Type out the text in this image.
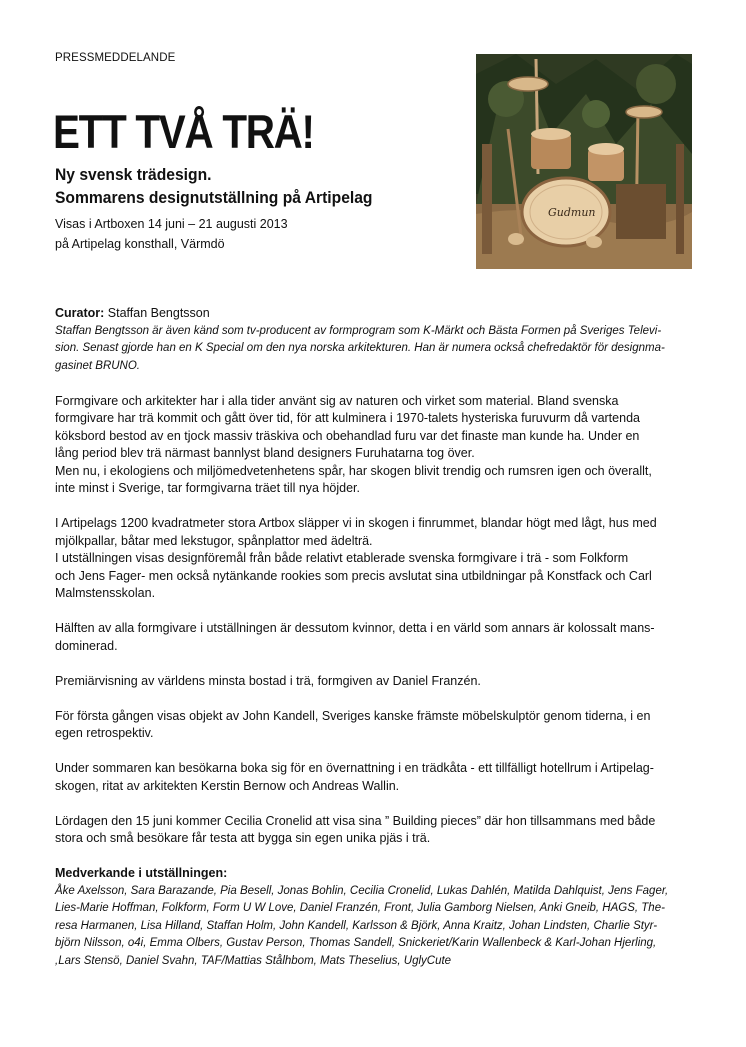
PRESSMEDDELANDE
ETT TVÅ TRÄ!
Ny svensk trädesign.
Sommarens designutställning på Artipelag
Visas i Artboxen 14 juni – 21 augusti 2013
på Artipelag konsthall, Värmdö
Gudmun
Curator: Staffan Bengtsson
Staffan Bengtsson är även känd som tv-producent av formprogram som K-Märkt och Bästa Formen på Sveriges Televi-
sion. Senast gjorde han en K Special om den nya norska arkitekturen. Han är numera också chefredaktör för designma-
gasinet BRUNO.

Formgivare och arkitekter har i alla tider använt sig av naturen och virket som material. Bland svenska
formgivare har trä kommit och gått över tid, för att kulminera i 1970-talets hysteriska furuvurm då vartenda
köksbord bestod av en tjock massiv träskiva och obehandlad furu var det finaste man kunde ha. Under en
lång period blev trä närmast bannlyst bland designers Furuhatarna tog över.
Men nu, i ekologiens och miljömedvetenhetens spår, har skogen blivit trendig och rumsren igen och överallt,
inte minst i Sverige, tar formgivarna träet till nya höjder.

I Artipelags 1200 kvadratmeter stora Artbox släpper vi in skogen i finrummet, blandar högt med lågt, hus med
mjölkpallar, båtar med lekstugor, spånplattor med ädelträ.
I utställningen visas designföremål från både relativt etablerade svenska formgivare i trä - som Folkform
och Jens Fager- men också nytänkande rookies som precis avslutat sina utbildningar på Konstfack och Carl
Malmstensskolan.

Hälften av alla formgivare i utställningen är dessutom kvinnor, detta i en värld som annars är kolossalt mans-
dominerad.

Premiärvisning av världens minsta bostad i trä, formgiven av Daniel Franzén.

För första gången visas objekt av John Kandell, Sveriges kanske främste möbelskulptör genom tiderna, i en
egen retrospektiv.

Under sommaren kan besökarna boka sig för en övernattning i en trädkåta - ett tillfälligt hotellrum i Artipelag-
skogen, ritat av arkitekten Kerstin Bernow och Andreas Wallin.

Lördagen den 15 juni kommer Cecilia Cronelid att visa sina ” Building pieces” där hon tillsammans med både
stora och små besökare får testa att bygga sin egen unika pjäs i trä.

Medverkande i utställningen:
Åke Axelsson, Sara Barazande, Pia Besell, Jonas Bohlin, Cecilia Cronelid, Lukas Dahlén, Matilda Dahlquist, Jens Fager,
Lies-Marie Hoffman, Folkform, Form U W Love, Daniel Franzén, Front, Julia Gamborg Nielsen, Anki Gneib, HAGS, The-
resa Harmanen, Lisa Hilland, Staffan Holm, John Kandell, Karlsson & Björk, Anna Kraitz, Johan Lindsten, Charlie Styr-
björn Nilsson, o4i, Emma Olbers, Gustav Person, Thomas Sandell, Snickeriet/Karin Wallenbeck & Karl-Johan Hjerling,
,Lars Stensö, Daniel Svahn, TAF/Mattias Stålhbom, Mats Theselius, UglyCute
